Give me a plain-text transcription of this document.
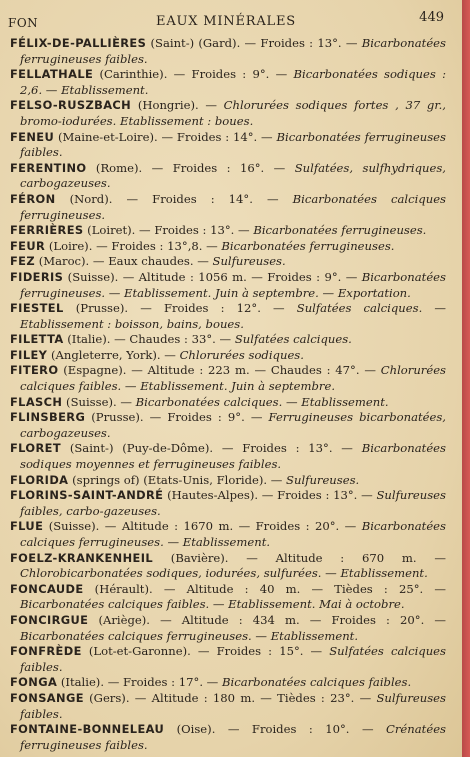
FON	EAUX MINÉRALES	449

FÉLIX-DE-PALLIÈRES (Saint-) (Gard). — Froides : 13°. — Bicarbonatées ferrugineuses faibles.

FELLATHALE (Carinthie). — Froides : 9°. — Bicarbonatées sodiques : 2,6. — Etablissement.

FELSO-RUSZBACH (Hongrie). — Chlorurées sodiques fortes , 37 gr., bromo-iodurées. Etablissement : boues.

FENEU (Maine-et-Loire). — Froides : 14°. — Bicarbonatées ferrugineuses faibles.

FERENTINO (Rome). — Froides : 16°. — Sulfatées, sulfhydriques, carbogazeuses.

FÉRON (Nord). — Froides : 14°. — Bicarbonatées calciques ferrugineuses.

FERRIÈRES (Loiret). — Froides : 13°. — Bicarbonatées ferrugineuses.

FEUR (Loire). — Froides : 13°,8. — Bicarbonatées ferrugineuses.

FEZ (Maroc). — Eaux chaudes. — Sulfureuses.

FIDERIS (Suisse). — Altitude : 1056 m. — Froides : 9°. — Bicarbonatées ferrugineuses. — Etablissement. Juin à septembre. — Exportation.

FIESTEL (Prusse). — Froides : 12°. — Sulfatées calciques. — Etablissement : boisson, bains, boues.

FILETTA (Italie). — Chaudes : 33°. — Sulfatées calciques.

FILEY (Angleterre, York). — Chlorurées sodiques.

FITERO (Espagne). — Altitude : 223 m. — Chaudes : 47°. — Chlorurées calciques faibles. — Etablissement. Juin à septembre.

FLASCH (Suisse). — Bicarbonatées calciques. — Etablissement.

FLINSBERG (Prusse). — Froides : 9°. — Ferrugineuses bicarbonatées, carbogazeuses.

FLORET (Saint-) (Puy-de-Dôme). — Froides : 13°. — Bicarbonatées sodiques moyennes et ferrugineuses faibles.

FLORIDA (springs of) (Etats-Unis, Floride). — Sulfureuses.

FLORINS-SAINT-ANDRÉ (Hautes-Alpes). — Froides : 13°. — Sulfureuses faibles, carbo-gazeuses.

FLUE (Suisse). — Altitude : 1670 m. — Froides : 20°. — Bicarbonatées calciques ferrugineuses. — Etablissement.

FOELZ-KRANKENHEIL (Bavière). — Altitude : 670 m. — Chlorobicarbonatées sodiques, iodurées, sulfurées. — Etablissement.

FONCAUDE (Hérault). — Altitude : 40 m. — Tièdes : 25°. — Bicarbonatées calciques faibles. — Etablissement. Mai à octobre.

FONCIRGUE (Ariège). — Altitude : 434 m. — Froides : 20°. — Bicarbonatées calciques ferrugineuses. — Etablissement.

FONFRÈDE (Lot-et-Garonne). — Froides : 15°. — Sulfatées calciques faibles.

FONGA (Italie). — Froides : 17°. — Bicarbonatées calciques faibles.

FONSANGE (Gers). — Altitude : 180 m. — Tièdes : 23°. — Sulfureuses faibles.

FONTAINE-BONNELEAU (Oise). — Froides : 10°. — Crénatées ferrugineuses faibles.
